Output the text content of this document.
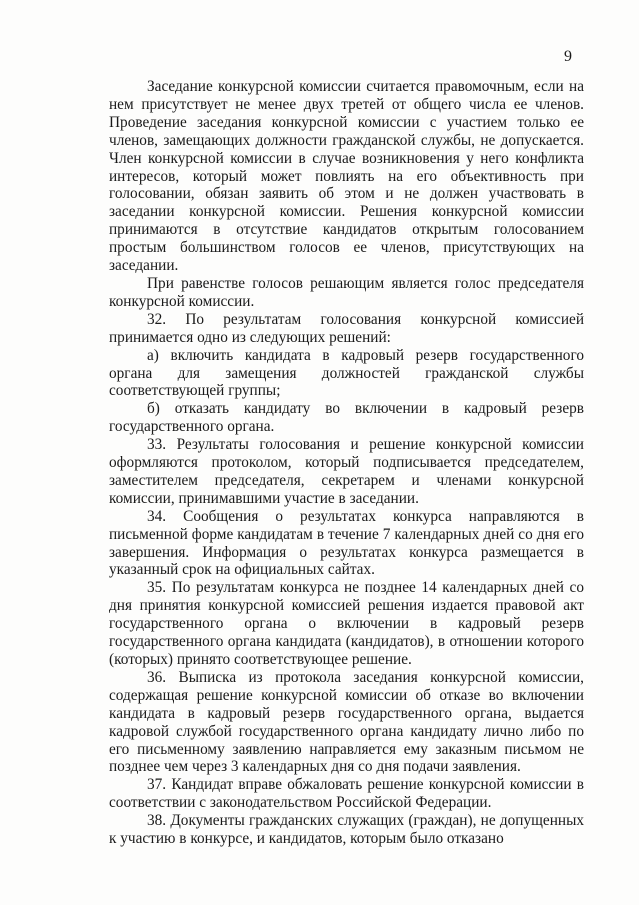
9

Заседание конкурсной комиссии считается правомочным, если на нем присутствует не менее двух третей от общего числа ее членов. Проведение заседания конкурсной комиссии с участием только ее членов, замещающих должности гражданской службы, не допускается. Член конкурсной комиссии в случае возникновения у него конфликта интересов, который может повлиять на его объективность при голосовании, обязан заявить об этом и не должен участвовать в заседании конкурсной комиссии. Решения конкурсной комиссии принимаются в отсутствие кандидатов открытым голосованием простым большинством голосов ее членов, присутствующих на заседании.

При равенстве голосов решающим является голос председателя конкурсной комиссии.

32. По результатам голосования конкурсной комиссией принимается одно из следующих решений:

а) включить кандидата в кадровый резерв государственного органа для замещения должностей гражданской службы соответствующей группы;

б) отказать кандидату во включении в кадровый резерв государственного органа.

33. Результаты голосования и решение конкурсной комиссии оформляются протоколом, который подписывается председателем, заместителем председателя, секретарем и членами конкурсной комиссии, принимавшими участие в заседании.

34. Сообщения о результатах конкурса направляются в письменной форме кандидатам в течение 7 календарных дней со дня его завершения. Информация о результатах конкурса размещается в указанный срок на официальных сайтах.

35. По результатам конкурса не позднее 14 календарных дней со дня принятия конкурсной комиссией решения издается правовой акт государственного органа о включении в кадровый резерв государственного органа кандидата (кандидатов), в отношении которого (которых) принято соответствующее решение.

36. Выписка из протокола заседания конкурсной комиссии, содержащая решение конкурсной комиссии об отказе во включении кандидата в кадровый резерв государственного органа, выдается кадровой службой государственного органа кандидату лично либо по его письменному заявлению направляется ему заказным письмом не позднее чем через 3 календарных дня со дня подачи заявления.

37. Кандидат вправе обжаловать решение конкурсной комиссии в соответствии с законодательством Российской Федерации.

38. Документы гражданских служащих (граждан), не допущенных к участию в конкурсе, и кандидатов, которым было отказано
